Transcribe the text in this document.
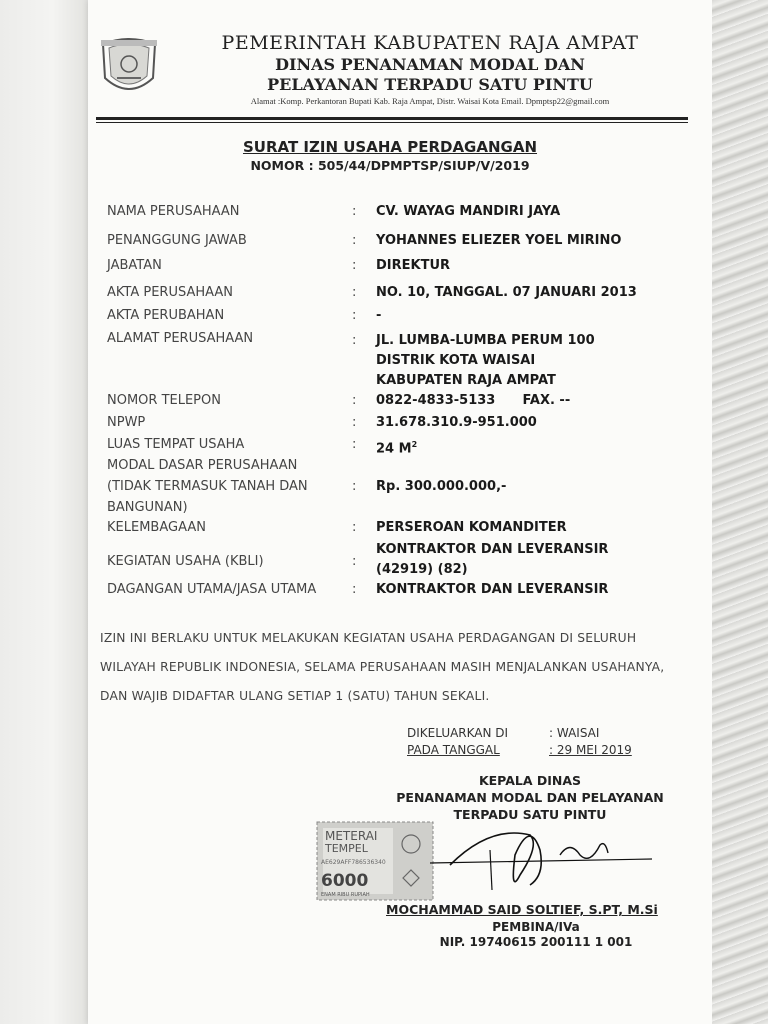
PEMERINTAH KABUPATEN RAJA AMPAT
DINAS PENANAMAN MODAL DAN
PELAYANAN TERPADU SATU PINTU
Alamat :Komp. Perkantoran Bupati Kab. Raja Ampat, Distr. Waisai Kota Email. Dpmptsp22@gmail.com
SURAT IZIN USAHA PERDAGANGAN
NOMOR : 505/44/DPMPTSP/SIUP/V/2019
NAMA PERUSAHAAN	: CV. WAYAG MANDIRI JAYA
PENANGGUNG JAWAB	: YOHANNES ELIEZER YOEL MIRINO
JABATAN	: DIREKTUR
AKTA PERUSAHAAN	: NO. 10, TANGGAL. 07 JANUARI 2013
AKTA PERUBAHAN	: -
ALAMAT PERUSAHAAN	: JL. LUMBA-LUMBA PERUM 100
DISTRIK KOTA WAISAI
KABUPATEN RAJA AMPAT
NOMOR TELEPON	: 0822-4833-5133      FAX. --
NPWP	: 31.678.310.9-951.000
LUAS TEMPAT USAHA	: 24 $M^2$
MODAL DASAR PERUSAHAAN
(TIDAK TERMASUK TANAH DAN
BANGUNAN)
: Rp. 300.000.000,-
KELEMBAGAAN	: PERSEROAN KOMANDITER
KEGIATAN USAHA (KBLI)	:
KONTRAKTOR DAN LEVERANSIR
(42919) (82)
DAGANGAN UTAMA/JASA UTAMA	: KONTRAKTOR DAN LEVERANSIR
IZIN INI BERLAKU UNTUK MELAKUKAN KEGIATAN USAHA PERDAGANGAN DI SELURUH
WILAYAH REPUBLIK INDONESIA, SELAMA PERUSAHAAN MASIH MENJALANKAN USAHANYA,
DAN WAJIB DIDAFTAR ULANG SETIAP 1 (SATU) TAHUN SEKALI.
DIKELUARKAN DI	: WAISAI
PADA TANGGAL	: 29 MEI 2019
KEPALA DINAS
PENANAMAN MODAL DAN PELAYANAN
TERPADU SATU PINTU
METERAI
TEMPEL
AE629AFF786536340
6000
ENAM RIBU RUPIAH
MOCHAMMAD SAID SOLTIEF, S.PT, M.Si
PEMBINA/IVa
NIP. 19740615 200111 1 001
